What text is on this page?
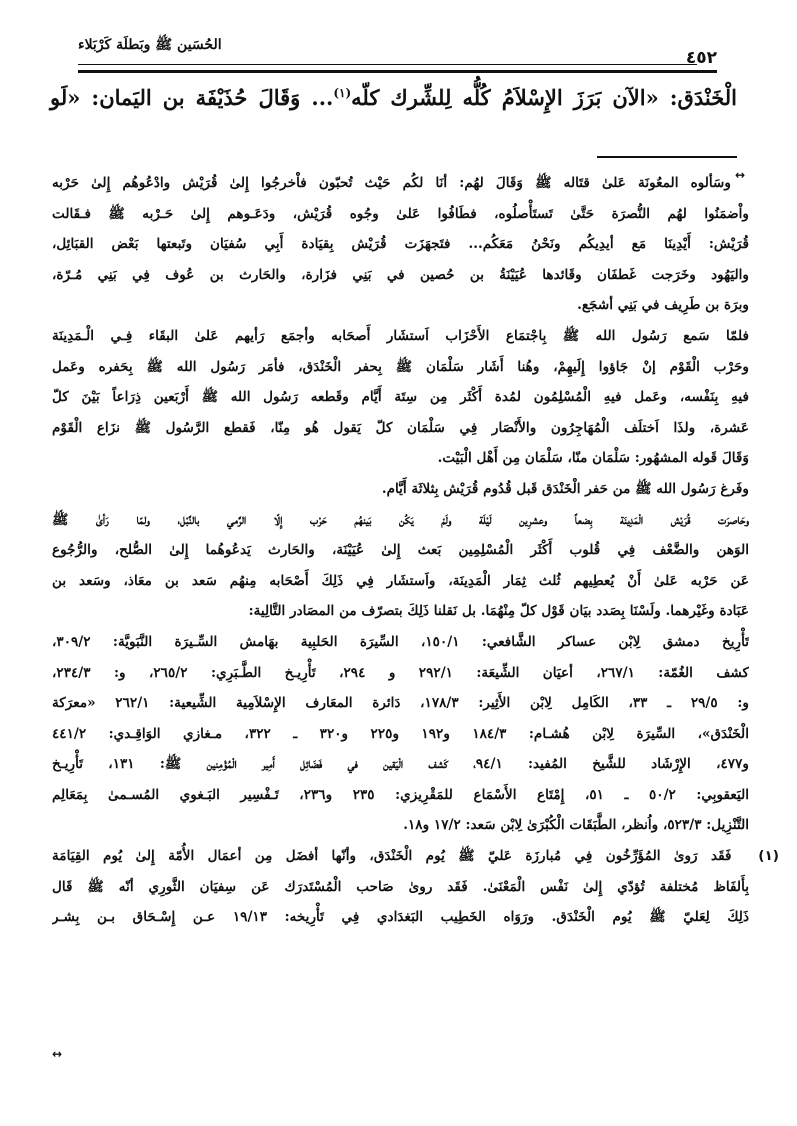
الحُسَين ﷺ وبَطلَة كَرْبَلاء
٤٥٢
الْخَنْدَق: «الآن بَرَزَ الإِسْلاَمُ كُلُّه لِلشِّرك كلّه$^{(١)}$... وَقَالَ حُذَيْفَة بن اليَمان: «لَو
↔
وسَألوه المعُونَة عَلىٰ قتَاله ﷺ وَقَالَ لهُم: أنَا لكُم حَيْث تُحبّون فاْخرجُوا إِلىٰ قُرَيْش وادْعُوهُم إِلىٰ حَرْبه
واْضمَنُوا لهُم النُّصرَة حَتَّىٰ تَستَأْصلُوه، فطَافُوا عَلىٰ وجُوه قُرَيْش، ودَعَـوهم إِلىٰ حَـرْبه ﷺ فـقَالت
قُرَيْش: أَيْدِينَا مَع أيدِيكُم ونَحْنُ مَعَكُم... فتَجهَزَت قُرَيْش بِقيَادة أَبِي سُفيَان وتَبعتها بَعْض القبَائِل،
واليَهُود وخَرَجت غَطفَان وقَائدها عُيَيْنَةُ بن حُصين في بَنِي فزَارة، والحَارث بن عُوف فِي بَنِي مُـرّة،
وبرَة بن طَرِيف في بَنِي أشجَع.
فلمّا سَمع رَسُول الله ﷺ بِاجْتمَاع الأَحْزَاب اَستشَار أَصحَابه وأجمَع رَأيهم عَلىٰ البقَاء فِـي الْـمَدِينَة
وحَرْب الْقَوْم إنْ جَاؤوا إِلَيهِمْ، وهُنا أَشَار سَلْمَان ﷺ بِحفر الْخَنْدَق، فأمَر رَسُول الله ﷺ بِحَفره وعَمل
فيهِ بِنَفْسه، وعَمل فيهِ الْمُسْلِمُون لمُدة أَكْثَر مِن سِتَة أَيَّام وقَطعه رَسُول الله ﷺ أَرْبَعين ذِرَاعاً بَيْنَ كلّ
عَشرة، ولذَا اَختلَف الْمُهَاجِرُون والأَنْصَار فِي سَلْمَان كلّ يَقول هُو مِنّا، فَقطع الرَّسُول ﷺ نزَاع الْقَوْم
وَقَالَ قَوله المشهُور: سَلْمَان منّا، سَلْمَان مِن أَهْل الْبَيْت.
وفَرغ رَسُول الله ﷺ من حَفر الْخَنْدَق قَبل قُدُوم قُرَيْش بِثلاثَة أَيَّام.
وحَاصرَت قُرَيْش الْمَدِينَة بِضعاً وعشرِين لَيْلَة ولَمْ يَكُن بَينهُم حَرْب إِلّا الرَّمي بالنَّبْل، ولمّا رَأىٰ ﷺ
الوَهن والضَّعْف فِي قُلوب أَكْثَر الْمُسْلِمِين بَعث إِلىٰ عُيَيْنَة، والحَارث يَدعُوهُما إِلىٰ الصُّلح، والرُّجُوع
عَن حَرْبه عَلىٰ أَنْ يُعطِيهم ثُلث ثِمَار الْمَدِينَة، واَستشَار فِي ذَلِكَ أَصْحَابه مِنهُم سَعد بن معَاذ، وسَعد بن
عَبَادة وغَيْرهما. ولَسْنَا بِصَدد بيَان قَوْل كلّ مِنْهُمَا. بل نَقلنا ذَلِكَ بتصرّف من المصَادر التَّالِية:
تَأْرِيخ دمشق لِابْن عساكر الشَّافعي: ١٥٠/١، السِّيرَة الحَلبِية بهَامش السِّـيرَة النَّبَويَّة: ٣٠٩/٢،
كشف الغُمّة: ٢٦٧/١، أعيَان الشِّيعَة: ٢٩٢/١ و ٢٩٤، تَأْرِيـخ الطَّـبَرِي: ٢٦٥/٢، و: ٢٣٤/٣،
و: ٢٩/٥ ـ ٣٣، الكَامِل لِابْن الأَثِير: ١٧٨/٣، دَائرة المعَارف الإِسْلاَمِية الشِّيعية: ٢٦٢/١ «معرَكة
الْخَنْدَق»، السِّيرَة لِابْن هُشـام: ١٨٤/٣ و١٩٢ و٢٢٥ و٣٢٠ ـ ٣٢٢، مـغازي الوَاقِـدي: ٤٤١/٢
و٤٧٧، الإِرْشَاد للشَّيخ المُفيد: ٩٤/١، كَشف الْيَقين في فَضَائِل أَمِير الْمُؤْمِنين ﷺ: ١٣١، تَأْرِيـخ
اليَعقوبِي: ٥٠/٢ ـ ٥١، إِمْتَاع الأَسْمَاع للمَقْرِيزي: ٢٣٥ و٢٣٦، تَـفْسِير البَـغوي المُسـمىٰ بِمَعَالِم
التَّنْزِيل: ٥٢٣/٣، واُنظر، الطَّبَقَات الْكُبْرَىٰ لِابْن سَعد: ١٧/٢ و١٨.
(١)  فَقَد رَوىٰ المُؤَرِّخُون فِي مُبارزَة عَليّ ﷺ يُوم الْخَنْدَق، وأنّها أفضَل مِن أعمَال الأُمّة إِلىٰ يُوم القِيَامَة
بِأَلفَاظ مُختلفة تُؤدّي إِلىٰ نَفْس الْمَعْنَىٰ. فَقَد روىٰ صَاحب الْمُسْتَدرَك عَن سِفيَان الثَّورِي أنّه ﷺ قَال
ذَلِكَ لِعَليّ ﷺ يُوم الْخَنْدَق. ورَوَاه الخَطِيب البَغدَادي فِي تَأْرِيخه: ١٩/١٣ عـن إِسْـحَاق بـن بِشـر
↔
